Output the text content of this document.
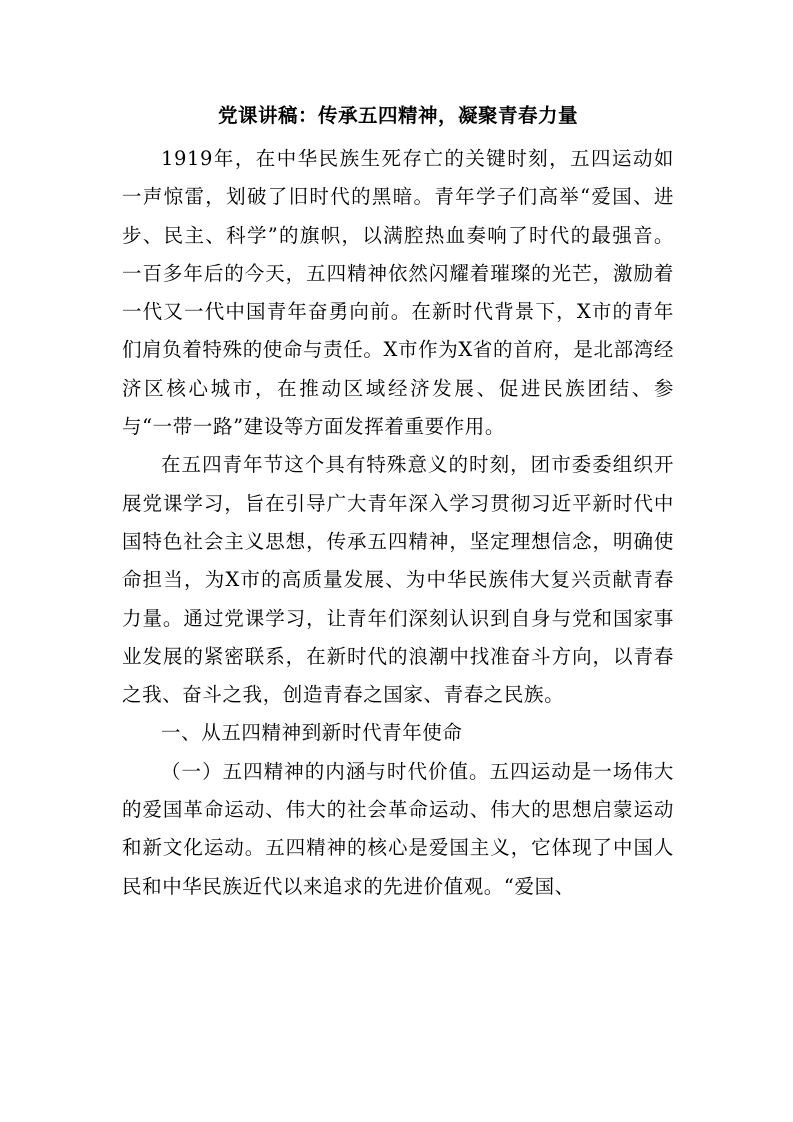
党课讲稿：传承五四精神，凝聚青春力量

1919年，在中华民族生死存亡的关键时刻，五四运动如一声惊雷，划破了旧时代的黑暗。青年学子们高举“爱国、进步、民主、科学”的旗帜，以满腔热血奏响了时代的最强音。一百多年后的今天，五四精神依然闪耀着璀璨的光芒，激励着一代又一代中国青年奋勇向前。在新时代背景下，X市的青年们肩负着特殊的使命与责任。X市作为X省的首府，是北部湾经济区核心城市，在推动区域经济发展、促进民族团结、参与“一带一路”建设等方面发挥着重要作用。

在五四青年节这个具有特殊意义的时刻，团市委委组织开展党课学习，旨在引导广大青年深入学习贯彻习近平新时代中国特色社会主义思想，传承五四精神，坚定理想信念，明确使命担当，为X市的高质量发展、为中华民族伟大复兴贡献青春力量。通过党课学习，让青年们深刻认识到自身与党和国家事业发展的紧密联系，在新时代的浪潮中找准奋斗方向，以青春之我、奋斗之我，创造青春之国家、青春之民族。

一、从五四精神到新时代青年使命

（一）五四精神的内涵与时代价值。五四运动是一场伟大的爱国革命运动、伟大的社会革命运动、伟大的思想启蒙运动和新文化运动。五四精神的核心是爱国主义，它体现了中国人民和中华民族近代以来追求的先进价值观。“爱国、
